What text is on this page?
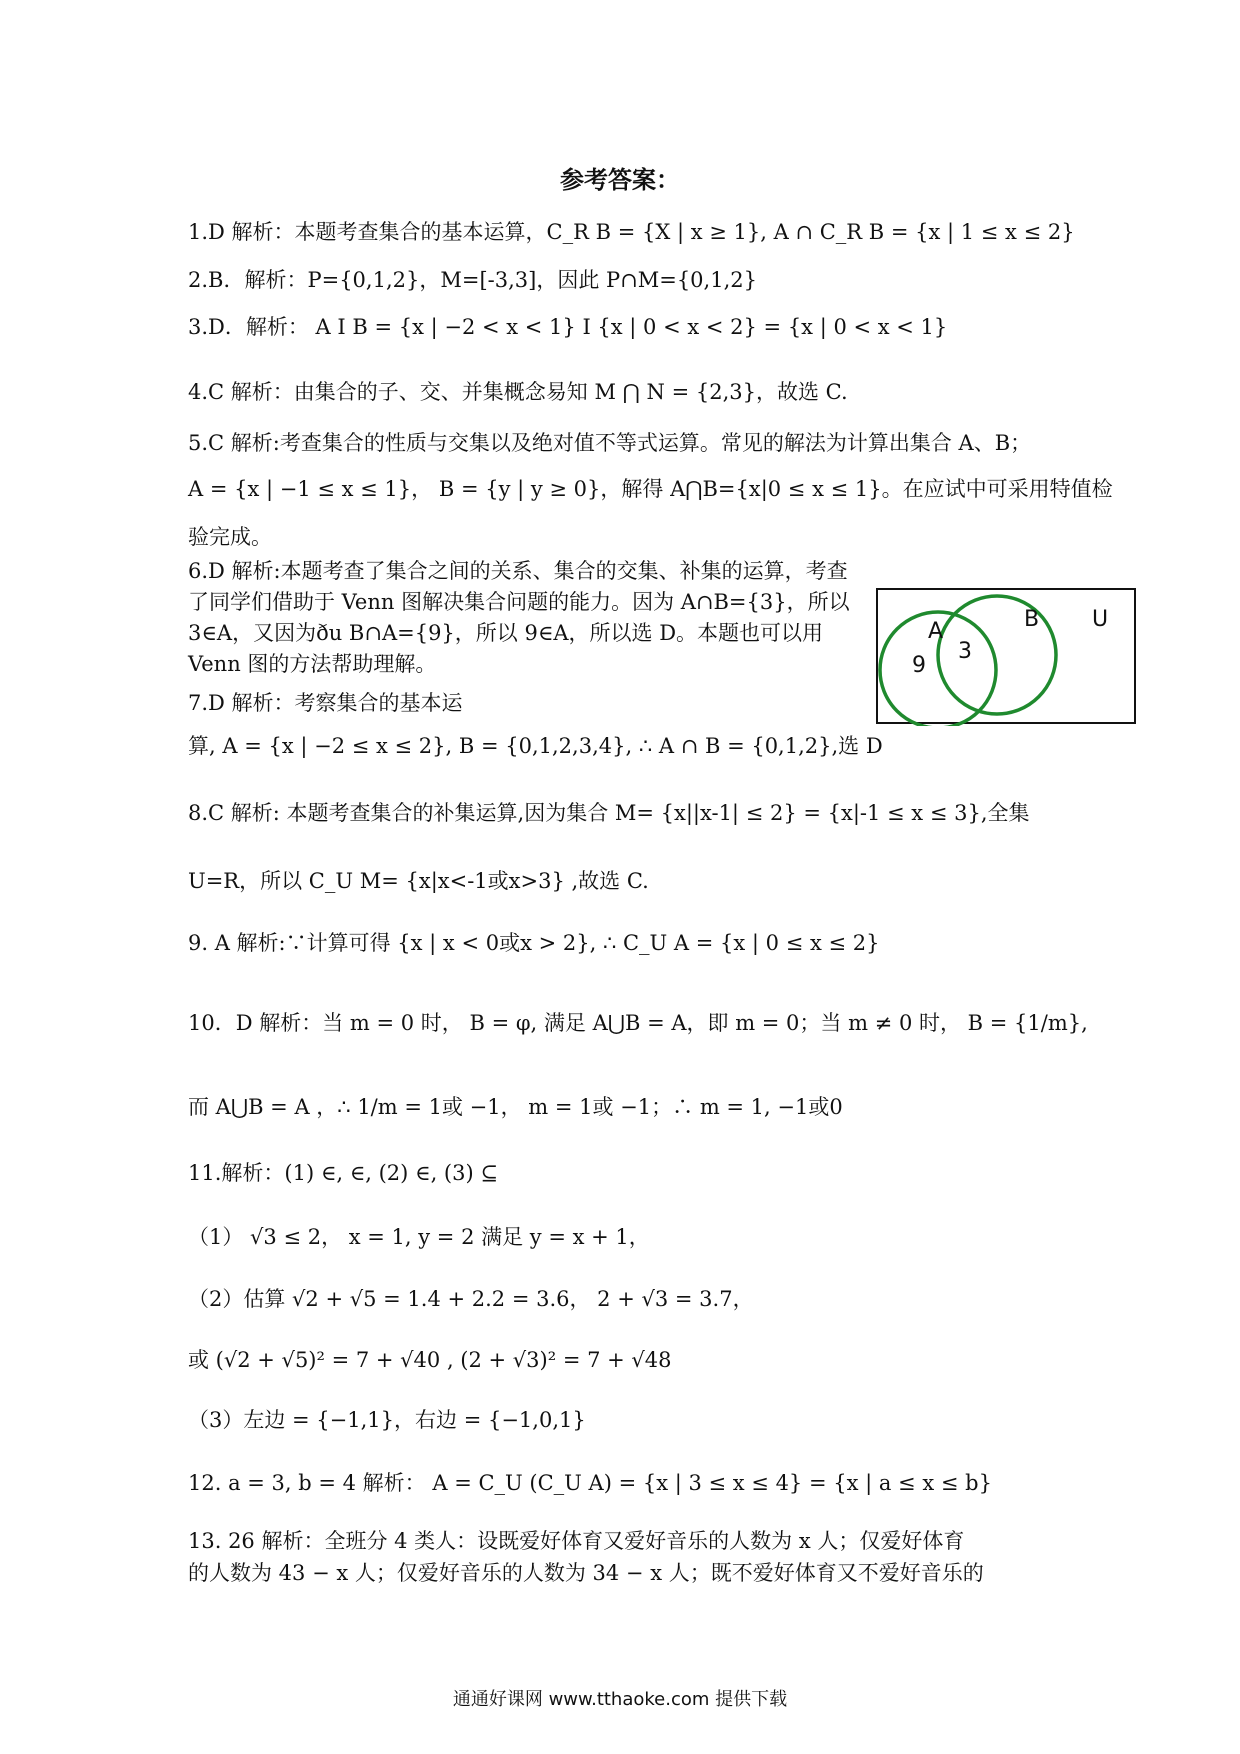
参考答案：
1.D 解析：本题考查集合的基本运算，C_R B = {X | x ≥ 1}, A ∩ C_R B = {x | 1 ≤ x ≤ 2}
2.B．解析：P={0,1,2}，M=[-3,3]，因此 P∩M={0,1,2}
3.D．解析： A I B = {x | −2 < x < 1} I {x | 0 < x < 2} = {x | 0 < x < 1}
4.C 解析：由集合的子、交、并集概念易知 M ⋂ N = {2,3}，故选 C.
5.C 解析:考查集合的性质与交集以及绝对值不等式运算。常见的解法为计算出集合 A、B；
A = {x | −1 ≤ x ≤ 1}， B = {y | y ≥ 0}，解得 A⋂B={x|0 ≤ x ≤ 1}。在应试中可采用特值检
验完成。
6.D 解析:本题考查了集合之间的关系、集合的交集、补集的运算，考查了同学们借助于 Venn 图解决集合问题的能力。因为 A∩B={3}，所以 3∈A，又因为ðu B∩A={9}，所以 9∈A，所以选 D。本题也可以用 Venn 图的方法帮助理解。
A	B U
9
3
7.D 解析：考察集合的基本运
算, A = {x | −2 ≤ x ≤ 2}, B = {0,1,2,3,4}, ∴ A ∩ B = {0,1,2},选 D
8.C 解析: 本题考查集合的补集运算,因为集合 M= {x||x-1| ≤ 2} = {x|-1 ≤ x ≤ 3},全集
U=R，所以 C_U M= {x|x<-1或x>3} ,故选 C.
9. A 解析:∵计算可得 {x | x < 0或x > 2}, ∴ C_U A = {x | 0 ≤ x ≤ 2}
10．D 解析：当 m = 0 时， B = φ, 满足 A⋃B = A，即 m = 0；当 m ≠ 0 时， B = {1/m},
而 A⋃B = A ，∴ 1/m = 1或 −1， m = 1或 −1；∴ m = 1, −1或0
11.解析：(1) ∈, ∈, (2) ∈, (3) ⊆
（1） √3 ≤ 2， x = 1, y = 2 满足 y = x + 1，
（2）估算 √2 + √5 = 1.4 + 2.2 = 3.6， 2 + √3 = 3.7，
或 (√2 + √5)² = 7 + √40 , (2 + √3)² = 7 + √48
（3）左边 = {−1,1}，右边 = {−1,0,1}
12. a = 3, b = 4 解析： A = C_U (C_U A) = {x | 3 ≤ x ≤ 4} = {x | a ≤ x ≤ b}
13. 26 解析：全班分 4 类人：设既爱好体育又爱好音乐的人数为 x 人；仅爱好体育
的人数为 43 − x 人；仅爱好音乐的人数为 34 − x 人；既不爱好体育又不爱好音乐的
通通好课网 www.tthaoke.com 提供下载
